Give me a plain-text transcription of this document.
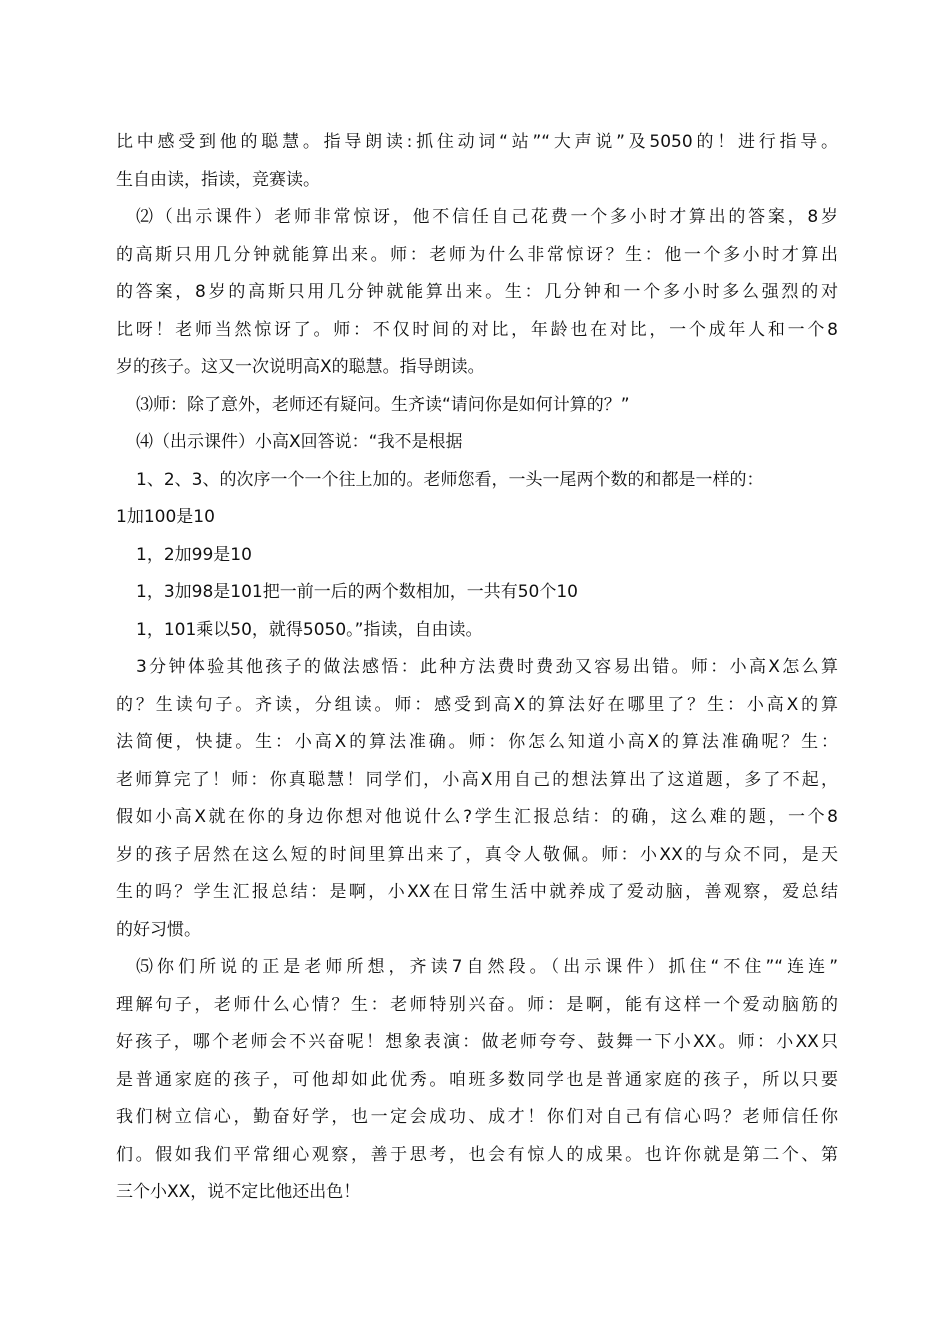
比中感受到他的聪慧。指导朗读:抓住动词“站”“大声说”及5050的！进行指导。
生自由读，指读，竞赛读。
⑵（出示课件）老师非常惊讶，他不信任自己花费一个多小时才算出的答案，8岁
的高斯只用几分钟就能算出来。师：老师为什么非常惊讶？生：他一个多小时才算出
的答案，8岁的高斯只用几分钟就能算出来。生：几分钟和一个多小时多么强烈的对
比呀！老师当然惊讶了。师：不仅时间的对比，年龄也在对比，一个成年人和一个8
岁的孩子。这又一次说明高X的聪慧。指导朗读。
⑶师：除了意外，老师还有疑问。生齐读“请问你是如何计算的？”
⑷（出示课件）小高X回答说：“我不是根据
1、2、3、的次序一个一个往上加的。老师您看，一头一尾两个数的和都是一样的：
1加100是10
1，2加99是10
1，3加98是101把一前一后的两个数相加，一共有50个10
1，101乘以50，就得5050。”指读，自由读。
3分钟体验其他孩子的做法感悟：此种方法费时费劲又容易出错。师：小高X怎么算
的？生读句子。齐读，分组读。师：感受到高X的算法好在哪里了？生：小高X的算
法简便，快捷。生：小高X的算法准确。师：你怎么知道小高X的算法准确呢？生：
老师算完了！师：你真聪慧！同学们，小高X用自己的想法算出了这道题，多了不起，
假如小高X就在你的身边你想对他说什么?学生汇报总结：的确，这么难的题，一个8
岁的孩子居然在这么短的时间里算出来了，真令人敬佩。师：小XX的与众不同，是天
生的吗？学生汇报总结：是啊，小XX在日常生活中就养成了爱动脑，善观察，爱总结
的好习惯。
⑸你们所说的正是老师所想，齐读7自然段。（出示课件）抓住“不住”“连连”
理解句子，老师什么心情？生：老师特别兴奋。师：是啊，能有这样一个爱动脑筋的
好孩子，哪个老师会不兴奋呢！想象表演：做老师夸夸、鼓舞一下小XX。师：小XX只
是普通家庭的孩子，可他却如此优秀。咱班多数同学也是普通家庭的孩子，所以只要
我们树立信心，勤奋好学，也一定会成功、成才！你们对自己有信心吗？老师信任你
们。假如我们平常细心观察，善于思考，也会有惊人的成果。也许你就是第二个、第
三个小XX，说不定比他还出色！
